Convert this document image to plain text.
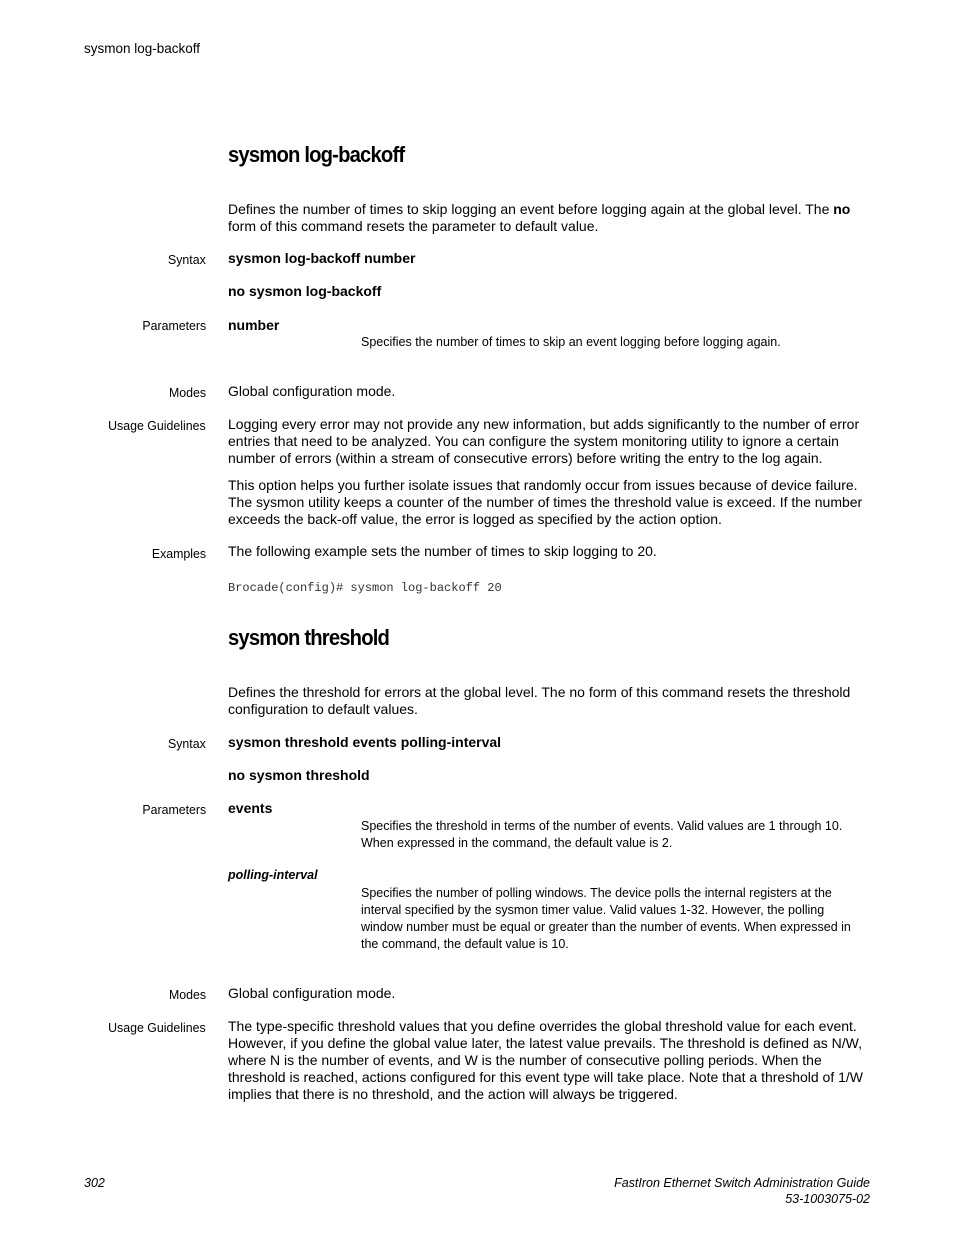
sysmon log-backoff
sysmon log-backoff
Defines the number of times to skip logging an event before logging again at the global level. The no
form of this command resets the parameter to default value.
Syntax sysmon log-backoff number
no sysmon log-backoff
Parameters number
Specifies the number of times to skip an event logging before logging again.
Modes Global configuration mode.
Usage Guidelines Logging every error may not provide any new information, but adds significantly to the number of error entries that need to be analyzed. You can configure the system monitoring utility to ignore a certain number of errors (within a stream of consecutive errors) before writing the entry to the log again.
This option helps you further isolate issues that randomly occur from issues because of device failure. The sysmon utility keeps a counter of the number of times the threshold value is exceed. If the number exceeds the back-off value, the error is logged as specified by the action option.
Examples The following example sets the number of times to skip logging to 20.
Brocade(config)# sysmon log-backoff 20
sysmon threshold
Defines the threshold for errors at the global level. The no form of this command resets the threshold configuration to default values.
Syntax sysmon threshold events polling-interval
no sysmon threshold
Parameters events
Specifies the threshold in terms of the number of events. Valid values are 1 through 10. When expressed in the command, the default value is 2.
polling-interval
Specifies the number of polling windows. The device polls the internal registers at the interval specified by the sysmon timer value. Valid values 1-32. However, the polling window number must be equal or greater than the number of events. When expressed in the command, the default value is 10.
Modes Global configuration mode.
Usage Guidelines The type-specific threshold values that you define overrides the global threshold value for each event. However, if you define the global value later, the latest value prevails. The threshold is defined as N/W, where N is the number of events, and W is the number of consecutive polling periods. When the threshold is reached, actions configured for this event type will take place. Note that a threshold of 1/W implies that there is no threshold, and the action will always be triggered.
302	FastIron Ethernet Switch Administration Guide
53-1003075-02
